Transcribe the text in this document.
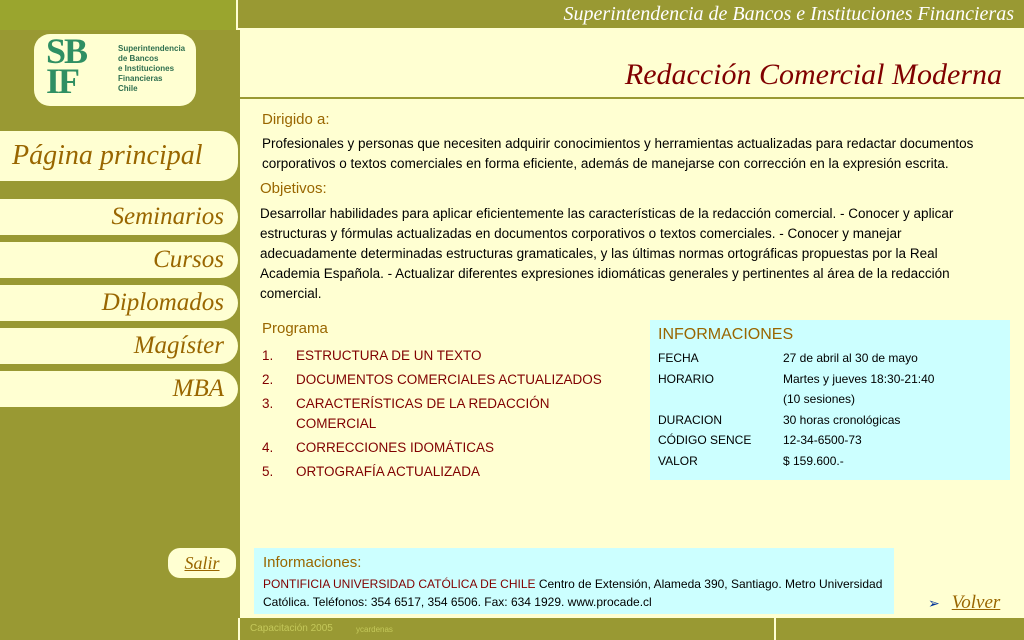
Superintendencia de Bancos e Instituciones Financieras
SB
IF
Superintendencia
de Bancos
e Instituciones
Financieras
Chile
Página principal
Seminarios
Cursos
Diplomados
Magíster
MBA
Salir
Redacción Comercial Moderna
Dirigido a:
Profesionales y personas que necesiten adquirir conocimientos y herramientas actualizadas para redactar documentos corporativos o textos comerciales en forma eficiente, además de manejarse con corrección en la expresión escrita.
Objetivos:
Desarrollar habilidades para aplicar eficientemente las características de la redacción comercial. - Conocer y aplicar estructuras y fórmulas actualizadas en documentos corporativos o textos comerciales. - Conocer y manejar adecuadamente determinadas estructuras gramaticales, y las últimas normas ortográficas propuestas por la Real Academia Española. - Actualizar diferentes expresiones idiomáticas generales y pertinentes al área de la redacción comercial.
Programa
1. ESTRUCTURA DE UN TEXTO
2. DOCUMENTOS COMERCIALES ACTUALIZADOS
3. CARACTERÍSTICAS DE LA REDACCIÓN COMERCIAL
4. CORRECCIONES IDOMÁTICAS
5. ORTOGRAFÍA ACTUALIZADA
INFORMACIONES
FECHA	27 de abril al 30 de mayo
HORARIO	Martes y jueves 18:30-21:40
(10 sesiones)
DURACION	30 horas cronológicas
CÓDIGO SENCE	12-34-6500-73
VALOR	$ 159.600.-
Informaciones:
PONTIFICIA UNIVERSIDAD CATÓLICA DE CHILE Centro de Extensión, Alameda 390, Santiago. Metro Universidad Católica. Teléfonos: 354 6517, 354 6506. Fax: 634 1929. www.procade.cl	➢ Volver
Capacitación 2005	ycardenas
